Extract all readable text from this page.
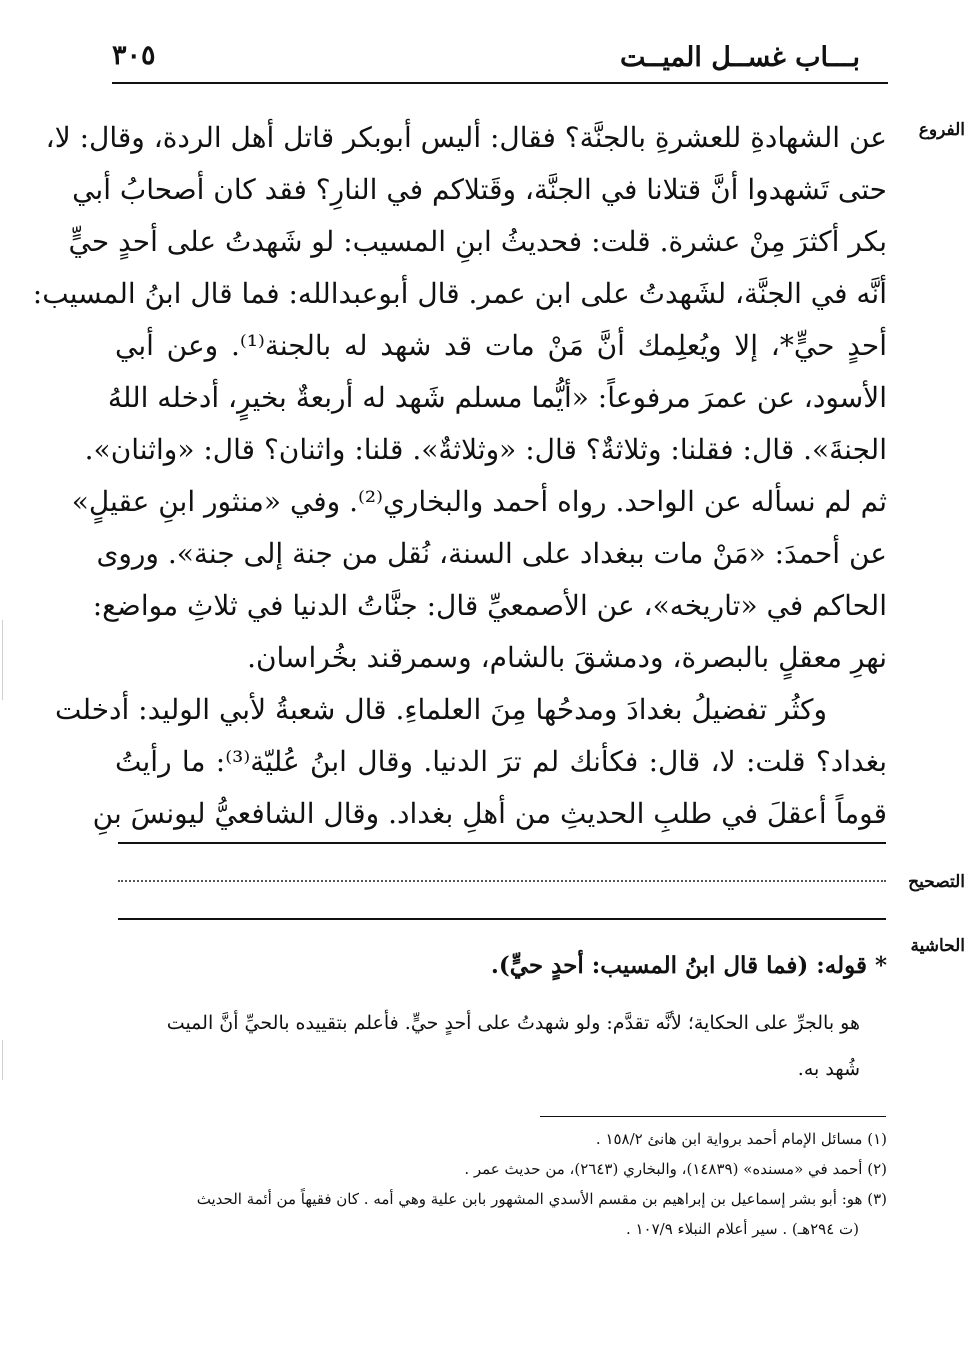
بـــاب غســل الميــت
٣٠٥
الفروع
التصحيح
الحاشية
عن الشهادةِ للعشرةِ بالجنَّة؟ فقال: أليس أبوبكر قاتل أهل الردة، وقال: لا،
حتى تَشهدوا أنَّ قتلانا في الجنَّة، وقَتلاكم في النارِ؟ فقد كان أصحابُ أبي
بكر أكثرَ مِنْ عشرة. قلت: فحديثُ ابنِ المسيب: لو شَهدتُ على أحدٍ حيٍّ
أنَّه في الجنَّة، لشَهدتُ على ابن عمر. قال أبوعبدالله: فما قال ابنُ المسيب:
أحدٍ حيٍّ*، إلا ويُعلِمك أنَّ مَنْ مات قد شهد له بالجنة⁽¹⁾. وعن أبي
الأسود، عن عمرَ مرفوعاً: «أيُّما مسلم شَهد له أربعةٌ بخيرٍ، أدخله اللهُ
الجنةَ». قال: فقلنا: وثلاثةٌ؟ قال: «وثلاثةٌ». قلنا: واثنان؟ قال: «واثنان».
ثم لم نسأله عن الواحد. رواه أحمد والبخاري⁽²⁾. وفي «منثور ابنِ عقيلٍ»
عن أحمدَ: «مَنْ مات ببغداد على السنة، نُقل من جنة إلى جنة». وروى
الحاكم في «تاريخه»، عن الأصمعيِّ قال: جنَّاتُ الدنيا في ثلاثِ مواضع:
نهرِ معقلٍ بالبصرة، ودمشقَ بالشام، وسمرقند بخُراسان.
وكثُر تفضيلُ بغدادَ ومدحُها مِنَ العلماءِ. قال شعبةُ لأبي الوليد: أدخلت
بغداد؟ قلت: لا، قال: فكأنك لم ترَ الدنيا. وقال ابنُ عُليّة⁽³⁾: ما رأيتُ
قوماً أعقلَ في طلبِ الحديثِ من أهلِ بغداد. وقال الشافعيُّ ليونسَ بنِ
* قوله: (فما قال ابنُ المسيب: أحدٍ حيٍّ).
هو بالجرِّ على الحكاية؛ لأنَّه تقدَّم: ولو شهدتُ على أحدٍ حيٍّ. فأعلم بتقييده بالحيِّ أنَّ الميت
شُهد به.
(١) مسائل الإمام أحمد برواية ابن هانئ ١٥٨/٢ .
(٢) أحمد في «مسنده» (١٤٨٣٩)، والبخاري (٢٦٤٣)، من حديث عمر .
(٣) هو: أبو بشر إسماعيل بن إبراهيم بن مقسم الأسدي المشهور بابن علية وهي أمه . كان فقيهاً من أئمة الحديث
(ت ٢٩٤هـ) . سير أعلام النبلاء ١٠٧/٩ .
